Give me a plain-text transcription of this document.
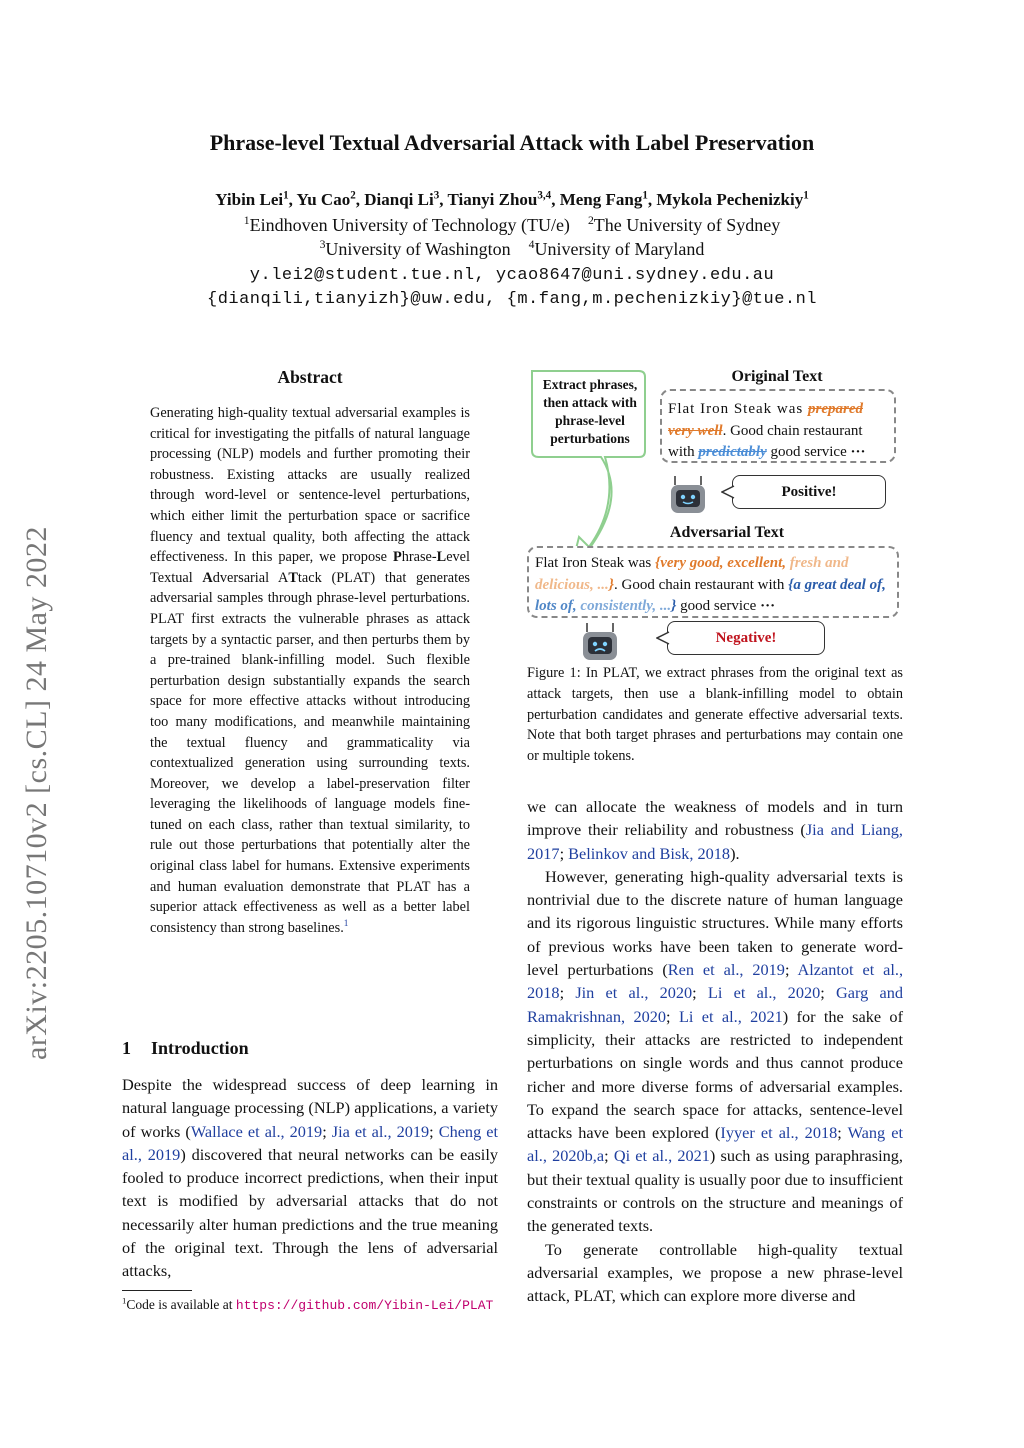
arXiv:2205.10710v2 [cs.CL] 24 May 2022
Phrase-level Textual Adversarial Attack with Label Preservation
Yibin Lei$^1$, Yu Cao$^2$, Dianqi Li$^3$, Tianyi Zhou$^{3,4}$, Meng Fang$^1$, Mykola Pechenizkiy$^1$
$^1$Eindhoven University of Technology (TU/e) $^2$The University of Sydney
$^3$University of Washington $^4$University of Maryland
y.lei2@student.tue.nl, ycao8647@uni.sydney.edu.au
{dianqili,tianyizh}@uw.edu, {m.fang,m.pechenizkiy}@tue.nl
Abstract
Generating high-quality textual adversarial examples is critical for investigating the pitfalls of natural language processing (NLP) models and further promoting their robustness. Existing attacks are usually realized through word-level or sentence-level perturbations, which either limit the perturbation space or sacrifice fluency and textual quality, both affecting the attack effectiveness. In this paper, we propose Phrase-Level Textual Adversarial ATtack (PLAT) that generates adversarial samples through phrase-level perturbations. PLAT first extracts the vulnerable phrases as attack targets by a syntactic parser, and then perturbs them by a pre-trained blank-infilling model. Such flexible perturbation design substantially expands the search space for more effective attacks without introducing too many modifications, and meanwhile maintaining the textual fluency and grammaticality via contextualized generation using surrounding texts. Moreover, we develop a label-preservation filter leveraging the likelihoods of language models fine-tuned on each class, rather than textual similarity, to rule out those perturbations that potentially alter the original class label for humans. Extensive experiments and human evaluation demonstrate that PLAT has a superior attack effectiveness as well as a better label consistency than strong baselines.$^1$
1 Introduction
Despite the widespread success of deep learning in natural language processing (NLP) applications, a variety of works (Wallace et al., 2019; Jia et al., 2019; Cheng et al., 2019) discovered that neural networks can be easily fooled to produce incorrect predictions, when their input text is modified by adversarial attacks that do not necessarily alter human predictions and the true meaning of the original text. Through the lens of adversarial attacks,
$^1$Code is available at https://github.com/Yibin-Lei/PLAT
Extract phrases, then attack with phrase-level perturbations
Original Text
Flat Iron Steak was prepared very well. Good chain restaurant with predictably good service ···
Positive!
Adversarial Text
Flat Iron Steak was {very good, excellent, fresh and delicious, ...}. Good chain restaurant with {a great deal of, lots of, consistently, ...} good service ···
Negative!
Figure 1: In PLAT, we extract phrases from the original text as attack targets, then use a blank-infilling model to obtain perturbation candidates and generate effective adversarial texts. Note that both target phrases and perturbations may contain one or multiple tokens.
we can allocate the weakness of models and in turn improve their reliability and robustness (Jia and Liang, 2017; Belinkov and Bisk, 2018).
However, generating high-quality adversarial texts is nontrivial due to the discrete nature of human language and its rigorous linguistic structures. While many efforts of previous works have been taken to generate word-level perturbations (Ren et al., 2019; Alzantot et al., 2018; Jin et al., 2020; Li et al., 2020; Garg and Ramakrishnan, 2020; Li et al., 2021) for the sake of simplicity, their attacks are restricted to independent perturbations on single words and thus cannot produce richer and more diverse forms of adversarial examples. To expand the search space for attacks, sentence-level attacks have been explored (Iyyer et al., 2018; Wang et al., 2020b,a; Qi et al., 2021) such as using paraphrasing, but their textual quality is usually poor due to insufficient constraints or controls on the structure and meanings of the generated texts.
To generate controllable high-quality textual adversarial examples, we propose a new phrase-level attack, PLAT, which can explore more diverse and
